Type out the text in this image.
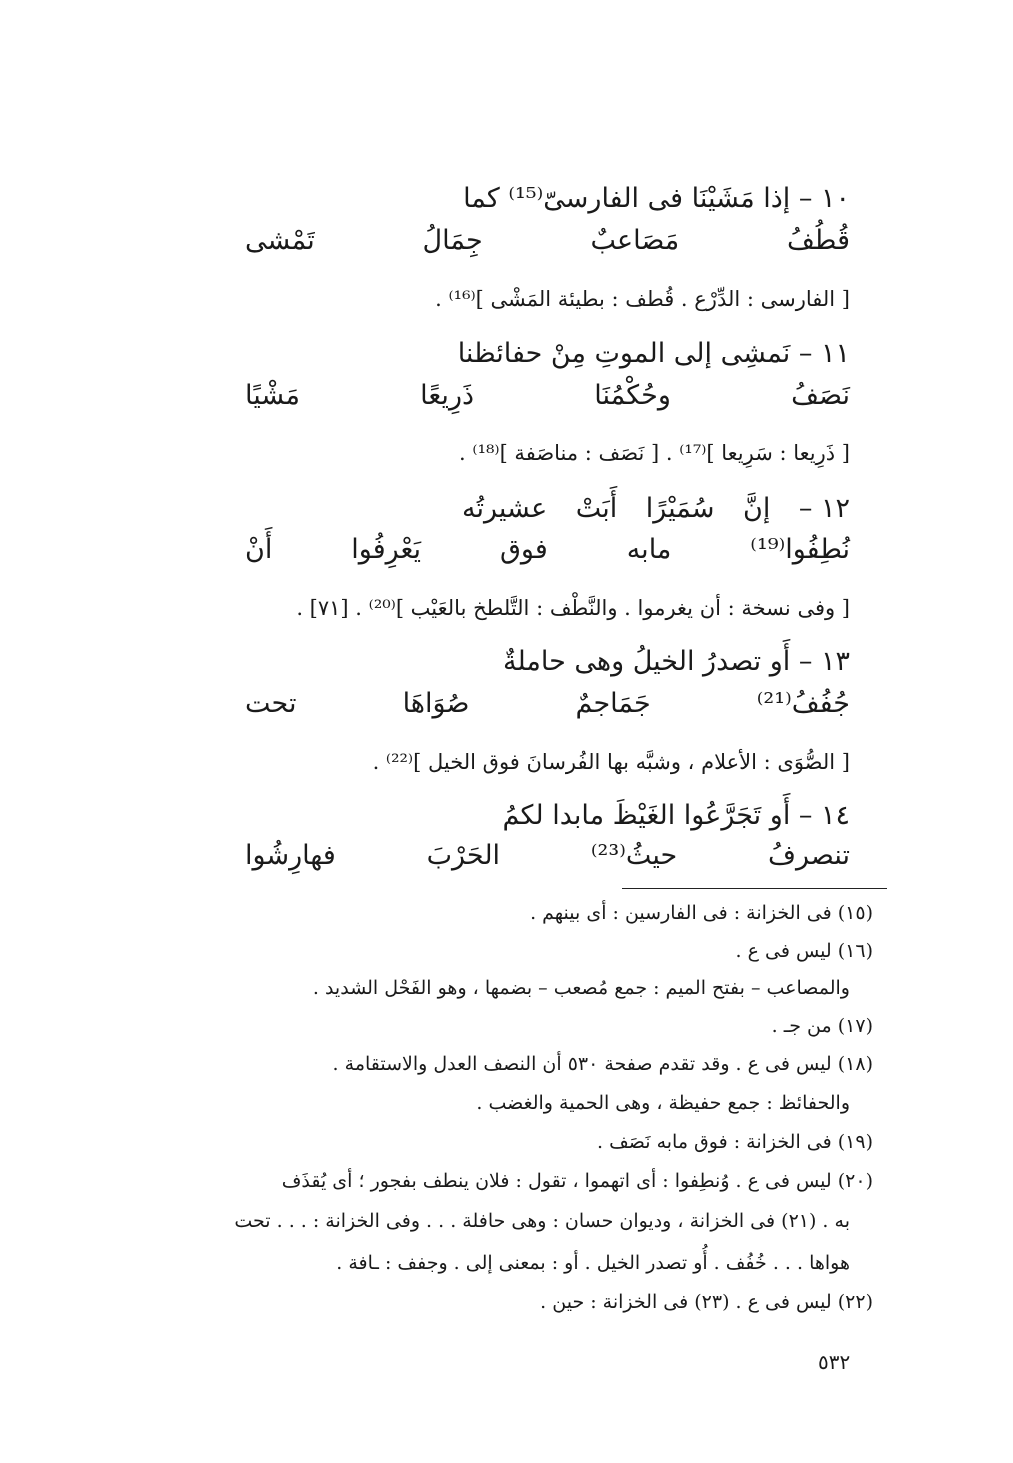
١٠ – إذا مَشَيْنَا فى الفارسىّ⁽¹⁵⁾ كما
قُطُفُ
مَصَاعبٌ
جِمَالُ
تَمْشى
[ الفارسى : الدِّرْع . قُطف : بطيئة المَشْى ]⁽¹⁶⁾ .
١١ – نَمشِى إلى الموتِ مِنْ حفائظنا
نَصَفُ
وحُكْمُنَا
ذَرِيعًا
مَشْيًا
[ ذَرِيعا : سَرِيعا ]⁽¹⁷⁾ . [ نَصَف : مناصَفة ]⁽¹⁸⁾ .
١٢ –
إنَّ
سُمَيْرًا
أَبَتْ
عشيرتُه
نُطِفُوا⁽¹⁹⁾
مابه
فوق
يَعْرِفُوا
أَنْ
[ وفى نسخة : أن يغرموا . والنَّطْف : التَّلطخ بالعَيْب ]⁽²⁰⁾ . [٧١] .
١٣ – أَو تصدرُ الخيلُ وهى حاملةٌ
جُفُفُ⁽²¹⁾
جَمَاجمٌ
صُوَاهَا
تحت
[ الصُّوَى : الأعلام ، وشبَّه بها الفُرسانَ فوق الخيل ]⁽²²⁾ .
١٤ – أَو تَجَرَّعُوا الغَيْظَ مابدا لكمُ
تنصرفُ
حيثُ⁽²³⁾
الحَرْبَ
فهارِشُوا
(١٥) فى الخزانة : فى الفارسين : أى بينهم .
(١٦) ليس فى ع .
والمصاعب – بفتح الميم : جمع مُصعب – بضمها ، وهو الفَحْل الشديد .
(١٧) من جـ .
(١٨) ليس فى ع . وقد تقدم صفحة ٥٣٠ أن النصف العدل والاستقامة .
والحفائظ : جمع حفيظة ، وهى الحمية والغضب .
(١٩) فى الخزانة : فوق مابه نَصَف .
(٢٠) ليس فى ع . وُنطِفوا : أى اتهموا ، تقول : فلان ينطف بفجور ؛ أى يُقذَف
به . (٢١) فى الخزانة ، وديوان حسان : وهى حافلة . . . وفى الخزانة : . . . تحت
هواها . . . خُفُف . أُو تصدر الخيل . أو : بمعنى إلى . وجفف : ـافة .
(٢٢) ليس فى ع . (٢٣) فى الخزانة : حين .
٥٣٢
